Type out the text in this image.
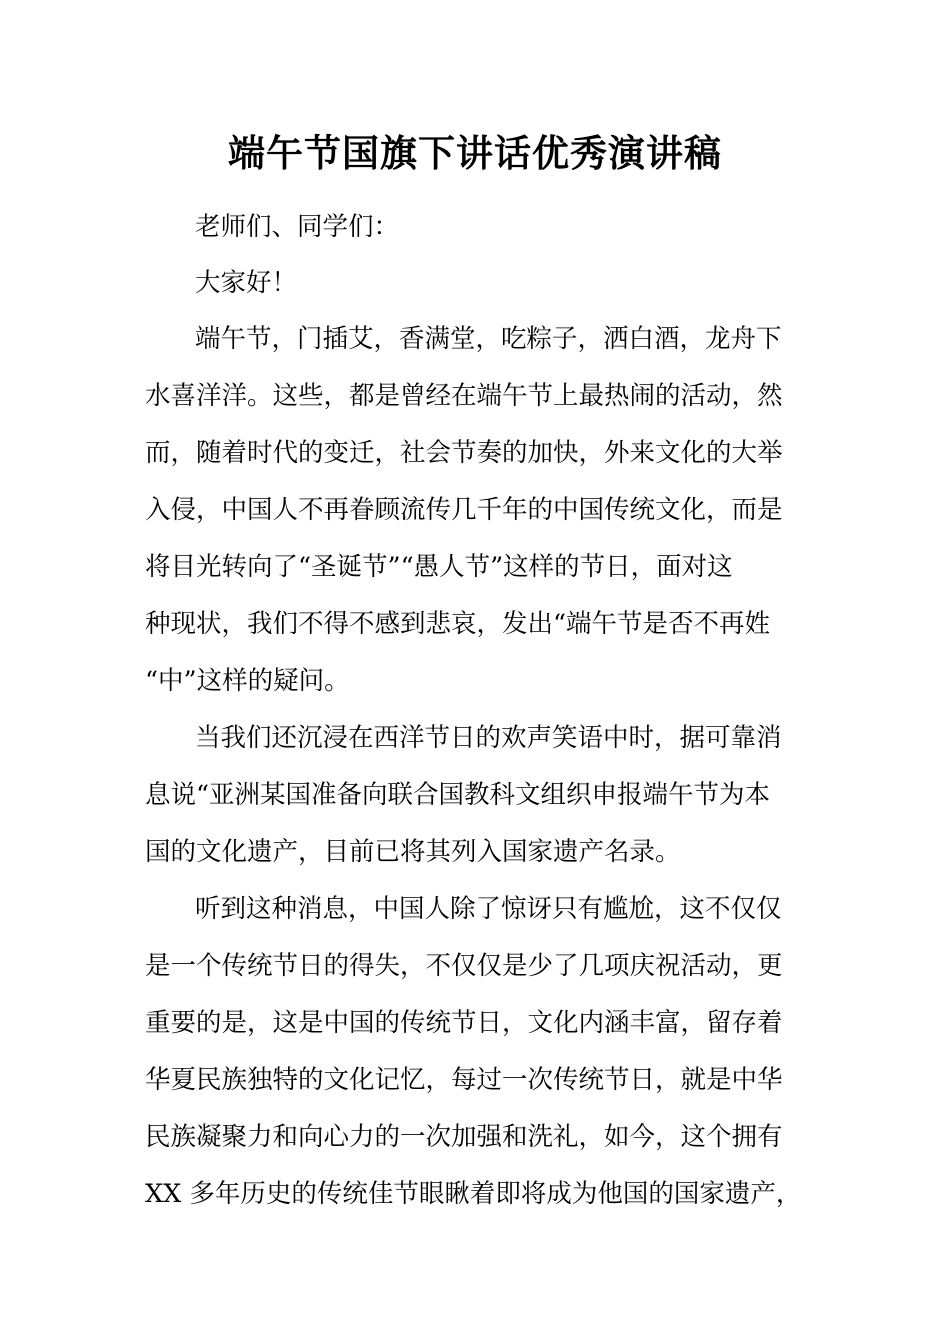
端午节国旗下讲话优秀演讲稿
老师们、同学们：
大家好！
端午节，门插艾，香满堂，吃粽子，洒白酒，龙舟下
水喜洋洋。这些，都是曾经在端午节上最热闹的活动，然
而，随着时代的变迁，社会节奏的加快，外来文化的大举
入侵，中国人不再眷顾流传几千年的中国传统文化，而是
将目光转向了“圣诞节”“愚人节”这样的节日，面对这
种现状，我们不得不感到悲哀，发出“端午节是否不再姓
“中”这样的疑问。
当我们还沉浸在西洋节日的欢声笑语中时，据可靠消
息说“亚洲某国准备向联合国教科文组织申报端午节为本
国的文化遗产，目前已将其列入国家遗产名录。
听到这种消息，中国人除了惊讶只有尴尬，这不仅仅
是一个传统节日的得失，不仅仅是少了几项庆祝活动，更
重要的是，这是中国的传统节日，文化内涵丰富，留存着
华夏民族独特的文化记忆，每过一次传统节日，就是中华
民族凝聚力和向心力的一次加强和洗礼，如今，这个拥有
XX 多年历史的传统佳节眼瞅着即将成为他国的国家遗产，
